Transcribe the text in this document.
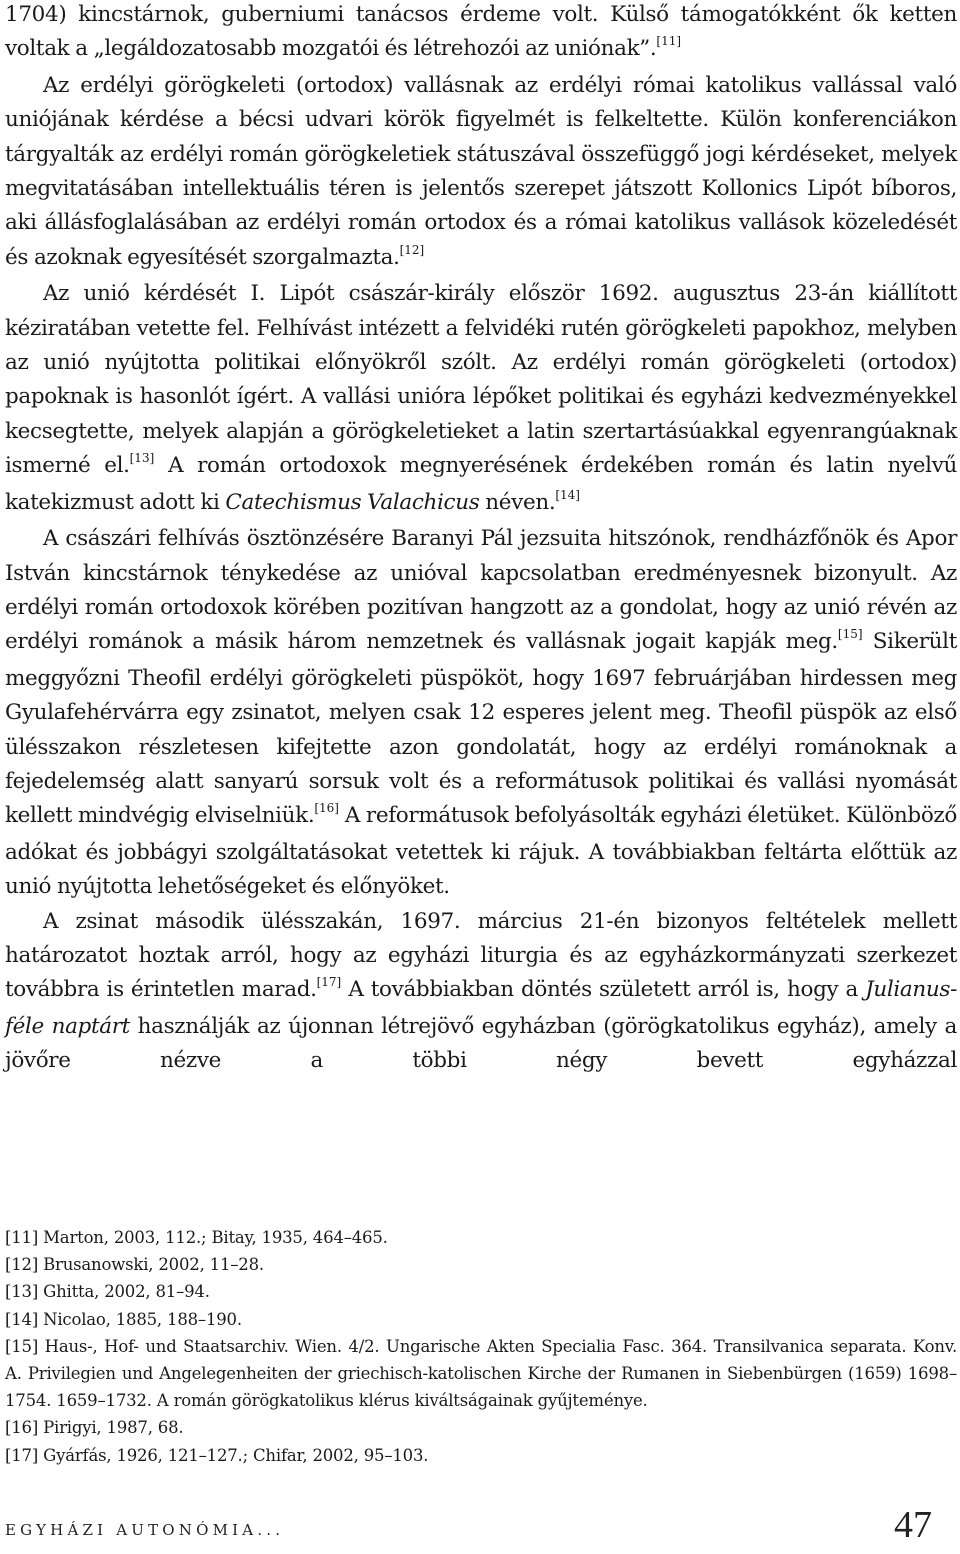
1704) kincstárnok, guberniumi tanácsos érdeme volt. Külső támogatókként ők ketten voltak a „legáldozatosabb mozgatói és létrehozói az uniónak”.[11]

Az erdélyi görögkeleti (ortodox) vallásnak az erdélyi római katolikus vallással való uniójának kérdése a bécsi udvari körök figyelmét is felkeltette. Külön konferenciákon tárgyalták az erdélyi román görögkeletiek státuszával összefüggő jogi kérdéseket, melyek megvitatásában intellektuális téren is jelentős szerepet játszott Kollonics Lipót bíboros, aki állásfoglalásában az erdélyi román ortodox és a római katolikus vallások közeledését és azoknak egyesítését szorgalmazta.[12]

Az unió kérdését I. Lipót császár-király először 1692. augusztus 23-án kiállított kéziratában vetette fel. Felhívást intézett a felvidéki rutén görögkeleti papokhoz, melyben az unió nyújtotta politikai előnyökről szólt. Az erdélyi román görögkeleti (ortodox) papoknak is hasonlót ígért. A vallási unióra lépőket politikai és egyházi kedvezményekkel kecsegtette, melyek alapján a görögkeletieket a latin szertartásúakkal egyenrangúaknak ismerné el.[13] A román ortodoxok megnyerésének érdekében román és latin nyelvű katekizmust adott ki Catechismus Valachicus néven.[14]

A császári felhívás ösztönzésére Baranyi Pál jezsuita hitszónok, rendházfőnök és Apor István kincstárnok ténykedése az unióval kapcsolatban eredményesnek bizonyult. Az erdélyi román ortodoxok körében pozitívan hangzott az a gondolat, hogy az unió révén az erdélyi románok a másik három nemzetnek és vallásnak jogait kapják meg.[15] Sikerült meggyőzni Theofil erdélyi görögkeleti püspököt, hogy 1697 februárjában hirdessen meg Gyulafehérvárra egy zsinatot, melyen csak 12 esperes jelent meg. Theofil püspök az első ülésszakon részletesen kifejtette azon gondolatát, hogy az erdélyi románoknak a fejedelemség alatt sanyarú sorsuk volt és a reformátusok politikai és vallási nyomását kellett mindvégig elviselniük.[16] A reformátusok befolyásolták egyházi életüket. Különböző adókat és jobbágyi szolgáltatásokat vetettek ki rájuk. A továbbiakban feltárta előttük az unió nyújtotta lehetőségeket és előnyöket.

A zsinat második ülésszakán, 1697. március 21-én bizonyos feltételek mellett határozatot hoztak arról, hogy az egyházi liturgia és az egyházkormányzati szerkezet továbbra is érintetlen marad.[17] A továbbiakban döntés született arról is, hogy a Julianus-féle naptárt használják az újonnan létrejövő egyházban (görögkatolikus egyház), amely a jövőre nézve a többi négy bevett egyházzal

[11] Marton, 2003, 112.; Bitay, 1935, 464–465.
[12] Brusanowski, 2002, 11–28.
[13] Ghitta, 2002, 81–94.
[14] Nicolao, 1885, 188–190.
[15] Haus-, Hof- und Staatsarchiv. Wien. 4/2. Ungarische Akten Specialia Fasc. 364. Transilvanica separata. Konv. A. Privilegien und Angelegenheiten der griechisch-katolischen Kirche der Rumanen in Siebenbürgen (1659) 1698–1754. 1659–1732. A román görögkatolikus klérus kiváltságainak gyűjteménye.
[16] Pirigyi, 1987, 68.
[17] Gyárfás, 1926, 121–127.; Chifar, 2002, 95–103.
EGYHÁZI AUTONÓMIA...	47
